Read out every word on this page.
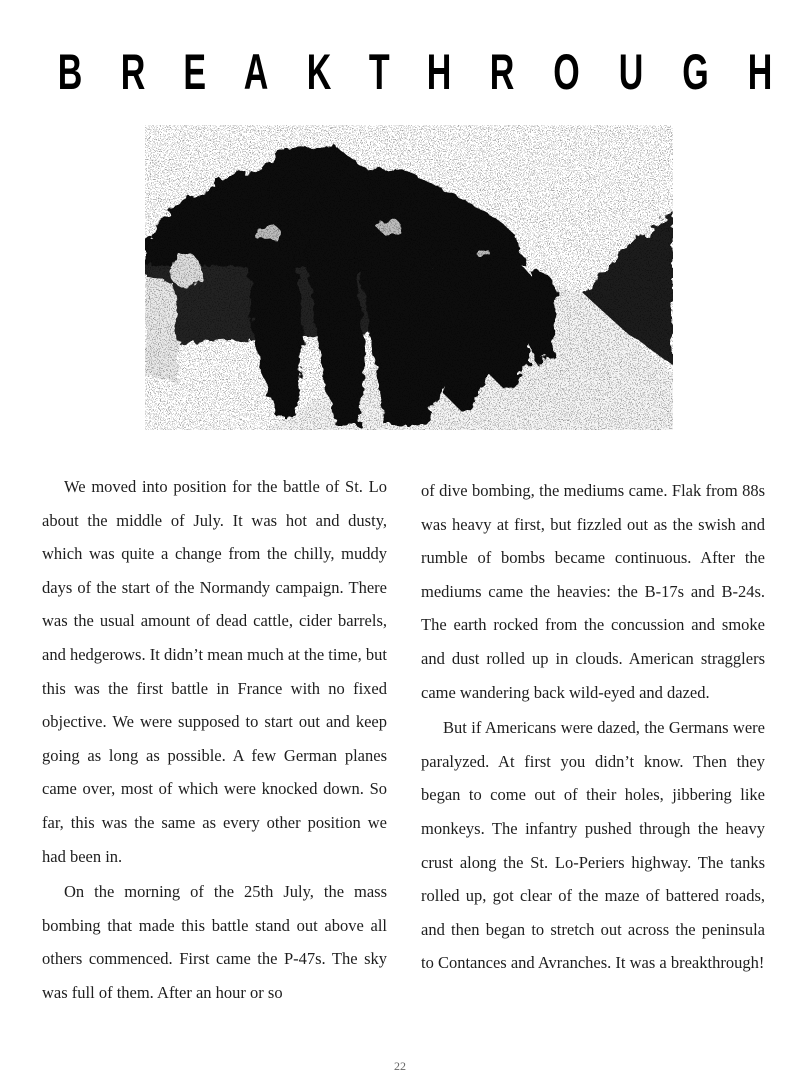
B R E A K T H R O U G H

We moved into position for the battle of St. Lo about the middle of July. It was hot and dusty, which was quite a change from the chilly, muddy days of the start of the Normandy campaign. There was the usual amount of dead cattle, cider barrels, and hedgerows. It didn’t mean much at the time, but this was the first battle in France with no fixed objective. We were supposed to start out and keep going as long as possible. A few German planes came over, most of which were knocked down. So far, this was the same as every other position we had been in.

On the morning of the 25th July, the mass bombing that made this battle stand out above all others commenced. First came the P-47s. The sky was full of them. After an hour or so

of dive bombing, the mediums came. Flak from 88s was heavy at first, but fizzled out as the swish and rumble of bombs became continuous. After the mediums came the heavies: the B-17s and B-24s. The earth rocked from the concussion and smoke and dust rolled up in clouds. American stragglers came wandering back wild-eyed and dazed.

But if Americans were dazed, the Germans were paralyzed. At first you didn’t know. Then they began to come out of their holes, jibbering like monkeys. The infantry pushed through the heavy crust along the St. Lo-Periers highway. The tanks rolled up, got clear of the maze of battered roads, and then began to stretch out across the peninsula to Contances and Avranches. It was a breakthrough!

22
